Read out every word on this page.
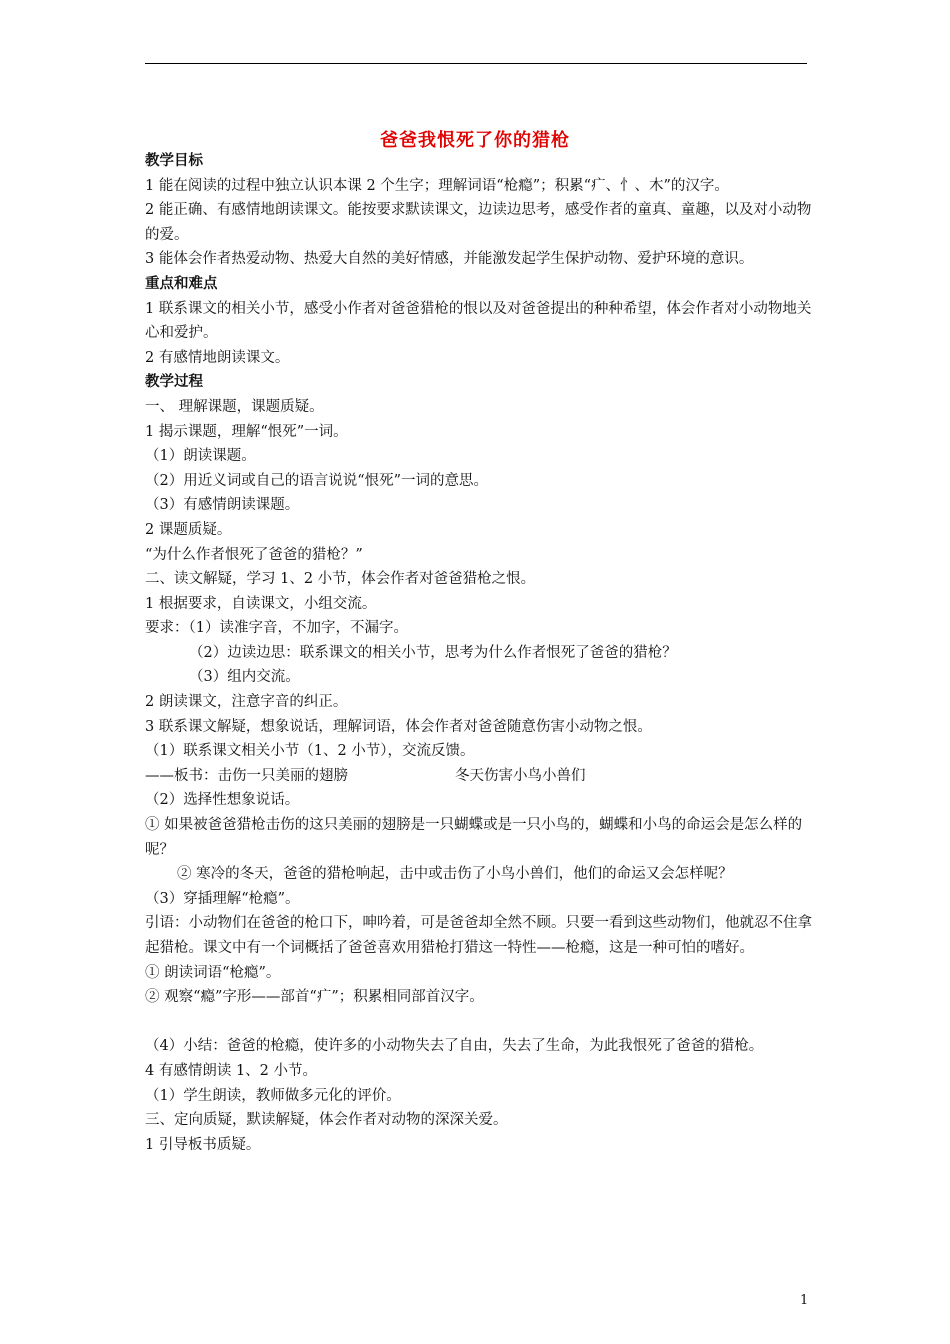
爸爸我恨死了你的猎枪
教学目标
1 能在阅读的过程中独立认识本课 2 个生字；理解词语“枪瘾”；积累“疒、忄、木”的汉字。
2 能正确、有感情地朗读课文。能按要求默读课文，边读边思考，感受作者的童真、童趣，以及对小动物的爱。
3 能体会作者热爱动物、热爱大自然的美好情感，并能激发起学生保护动物、爱护环境的意识。
重点和难点
1 联系课文的相关小节，感受小作者对爸爸猎枪的恨以及对爸爸提出的种种希望，体会作者对小动物地关心和爱护。
2 有感情地朗读课文。
教学过程
一、 理解课题，课题质疑。
1 揭示课题，理解“恨死”一词。
（1）朗读课题。
（2）用近义词或自己的语言说说“恨死”一词的意思。
（3）有感情朗读课题。
2 课题质疑。
“为什么作者恨死了爸爸的猎枪？”
二、读文解疑，学习 1、2 小节，体会作者对爸爸猎枪之恨。
1 根据要求，自读课文，小组交流。
要求：（1）读准字音，不加字，不漏字。
（2）边读边思：联系课文的相关小节，思考为什么作者恨死了爸爸的猎枪？
（3）组内交流。
2 朗读课文，注意字音的纠正。
3 联系课文解疑，想象说话，理解词语，体会作者对爸爸随意伤害小动物之恨。
（1）联系课文相关小节（1、2 小节），交流反馈。
——板书：击伤一只美丽的翅膀	冬天伤害小鸟小兽们
（2）选择性想象说话。
① 如果被爸爸猎枪击伤的这只美丽的翅膀是一只蝴蝶或是一只小鸟的，蝴蝶和小鸟的命运会是怎么样的呢？
② 寒冷的冬天，爸爸的猎枪响起，击中或击伤了小鸟小兽们，他们的命运又会怎样呢？
（3）穿插理解“枪瘾”。
引语：小动物们在爸爸的枪口下，呻吟着，可是爸爸却全然不顾。只要一看到这些动物们，他就忍不住拿起猎枪。课文中有一个词概括了爸爸喜欢用猎枪打猎这一特性——枪瘾，这是一种可怕的嗜好。
① 朗读词语“枪瘾”。
② 观察“瘾”字形——部首“疒”；积累相同部首汉字。
（4）小结：爸爸的枪瘾，使许多的小动物失去了自由，失去了生命，为此我恨死了爸爸的猎枪。
4 有感情朗读 1、2 小节。
（1）学生朗读，教师做多元化的评价。
三、定向质疑，默读解疑，体会作者对动物的深深关爱。
1 引导板书质疑。
1
